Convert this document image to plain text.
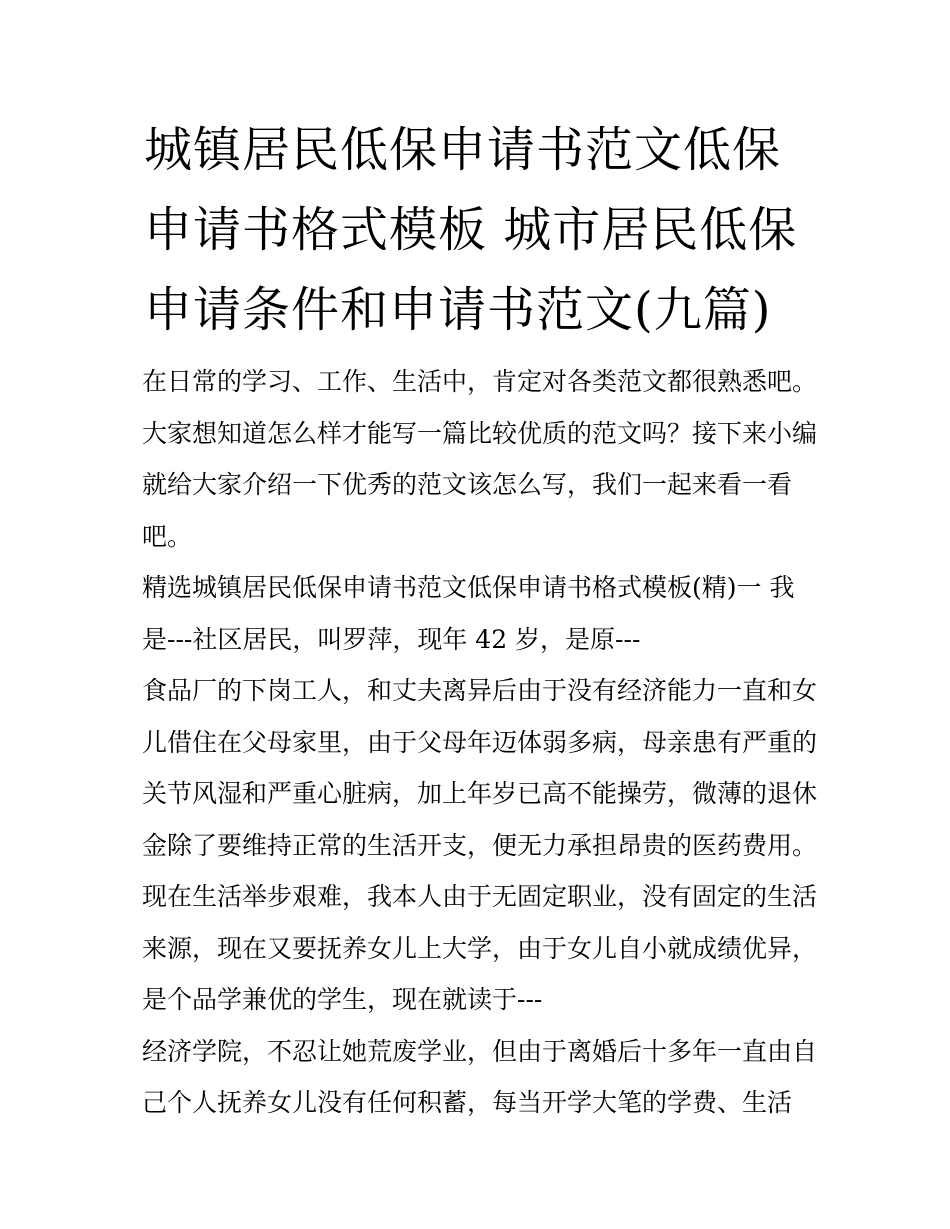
城镇居民低保申请书范文低保
申请书格式模板 城市居民低保
申请条件和申请书范文(九篇)
在日常的学习、工作、生活中，肯定对各类范文都很熟悉吧。
大家想知道怎么样才能写一篇比较优质的范文吗？接下来小编
就给大家介绍一下优秀的范文该怎么写，我们一起来看一看
吧。
精选城镇居民低保申请书范文低保申请书格式模板(精)一 我
是---社区居民，叫罗萍，现年 42 岁，是原---
食品厂的下岗工人，和丈夫离异后由于没有经济能力一直和女
儿借住在父母家里，由于父母年迈体弱多病，母亲患有严重的
关节风湿和严重心脏病，加上年岁已高不能操劳，微薄的退休
金除了要维持正常的生活开支，便无力承担昂贵的医药费用。
现在生活举步艰难，我本人由于无固定职业，没有固定的生活
来源，现在又要抚养女儿上大学，由于女儿自小就成绩优异，
是个品学兼优的学生，现在就读于---
经济学院，不忍让她荒废学业，但由于离婚后十多年一直由自
己个人抚养女儿没有任何积蓄，每当开学大笔的学费、生活
